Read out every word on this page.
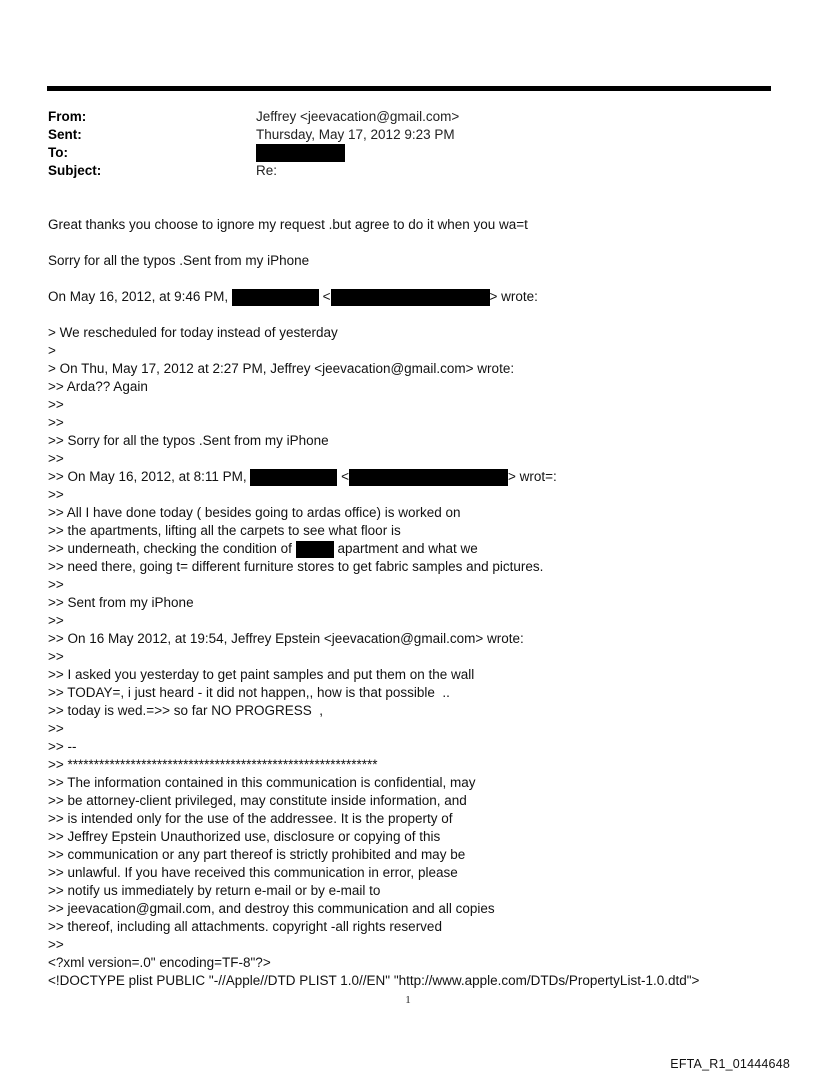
From:	Jeffrey <jeevacation@gmail.com>
Sent:	Thursday, May 17, 2012 9:23 PM
To:
Subject:	Re:
Great thanks you choose to ignore my request .but agree to do it when you wa=t
Sorry for all the typos .Sent from my iPhone
On May 16, 2012, at 9:46 PM,	<	> wrote:
> We rescheduled for today instead of yesterday
>
> On Thu, May 17, 2012 at 2:27 PM, Jeffrey <jeevacation@gmail.com> wrote:
>> Arda?? Again
>>
>>
>> Sorry for all the typos .Sent from my iPhone
>>
>> On May 16, 2012, at 8:11 PM,	<	> wrot=:
>>
>> All I have done today ( besides going to ardas office) is worked on
>> the apartments, lifting all the carpets to see what floor is
>> underneath, checking the condition of	apartment and what we
>> need there, going t= different furniture stores to get fabric samples and pictures.
>>
>> Sent from my iPhone
>>
>> On 16 May 2012, at 19:54, Jeffrey Epstein <jeevacation@gmail.com> wrote:
>>
>> I asked you yesterday to get paint samples and put them on the wall
>> TODAY=, i just heard - it did not happen,, how is that possible  ..
>> today is wed.=>> so far NO PROGRESS  ,
>>
>> --
>> ***********************************************************
>> The information contained in this communication is confidential, may
>> be attorney-client privileged, may constitute inside information, and
>> is intended only for the use of the addressee. It is the property of
>> Jeffrey Epstein Unauthorized use, disclosure or copying of this
>> communication or any part thereof is strictly prohibited and may be
>> unlawful. If you have received this communication in error, please
>> notify us immediately by return e-mail or by e-mail to
>> jeevacation@gmail.com, and destroy this communication and all copies
>> thereof, including all attachments. copyright -all rights reserved
>>
<?xml version=.0" encoding=TF-8"?>
<!DOCTYPE plist PUBLIC "-//Apple//DTD PLIST 1.0//EN" "http://www.apple.com/DTDs/PropertyList-1.0.dtd">
1
EFTA_R1_01444648
